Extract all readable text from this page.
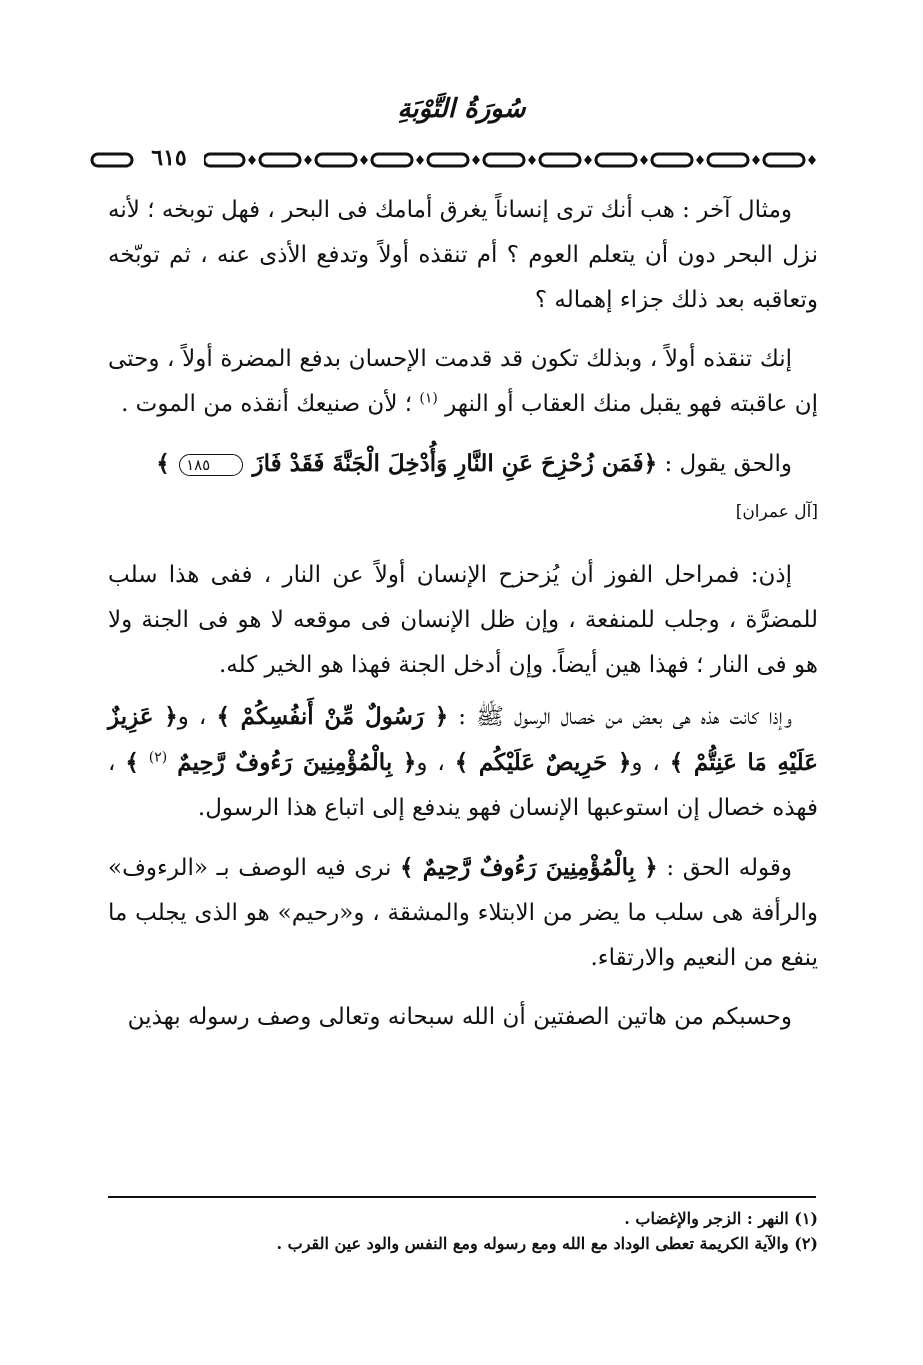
سُورَةُ التَّوْبَةِ
٦١٥

ومثال آخر : هب أنك ترى إنساناً يغرق أمامك فى البحر ، فهل توبخه ؛ لأنه نزل البحر دون أن يتعلم العوم ؟ أم تنقذه أولاً وتدفع الأذى عنه ، ثم توبّخه وتعاقبه بعد ذلك جزاء إهماله ؟

إنك تنقذه أولاً ، وبذلك تكون قد قدمت الإحسان بدفع المضرة أولاً ، وحتى إن عاقبته فهو يقبل منك العقاب أو النهر $^{(١)}$ ؛ لأن صنيعك أنقذه من الموت .

والحق يقول : ﴿فَمَن زُحْزِحَ عَنِ النَّارِ وَأُدْخِلَ الْجَنَّةَ فَقَدْ فَازَ ١٨٥ ﴾

[آل عمران]

إذن: فمراحل الفوز أن يُزحزح الإنسان أولاً عن النار ، ففى هذا سلب للمضرَّة ، وجلب للمنفعة ، وإن ظل الإنسان فى موقعه لا هو فى الجنة ولا هو فى النار ؛ فهذا هين أيضاً. وإن أدخل الجنة فهذا هو الخير كله.

وإذا كانت هذه هى بعض من خصال الرسول ﷺ : ﴿ رَسُولٌ مِّنْ أَنفُسِكُمْ ﴾ ، و﴿ عَزِيزٌ عَلَيْهِ مَا عَنِتُّمْ ﴾ ، و﴿ حَرِيصٌ عَلَيْكُم ﴾ ، و﴿ بِالْمُؤْمِنِينَ رَءُوفٌ رَّحِيمٌ $^{(٢)}$ ﴾ ، فهذه خصال إن استوعبها الإنسان فهو يندفع إلى اتباع هذا الرسول.

وقوله الحق : ﴿ بِالْمُؤْمِنِينَ رَءُوفٌ رَّحِيمٌ ﴾ نرى فيه الوصف بـ «الرءوف» والرأفة هى سلب ما يضر من الابتلاء والمشقة ، و«رحيم» هو الذى يجلب ما ينفع من النعيم والارتقاء.

وحسبكم من هاتين الصفتين أن الله سبحانه وتعالى وصف رسوله بهذين

(١) النهر : الزجر والإغضاب .

(٢) والآية الكريمة تعطى الوداد مع الله ومع رسوله ومع النفس والود عين القرب .
